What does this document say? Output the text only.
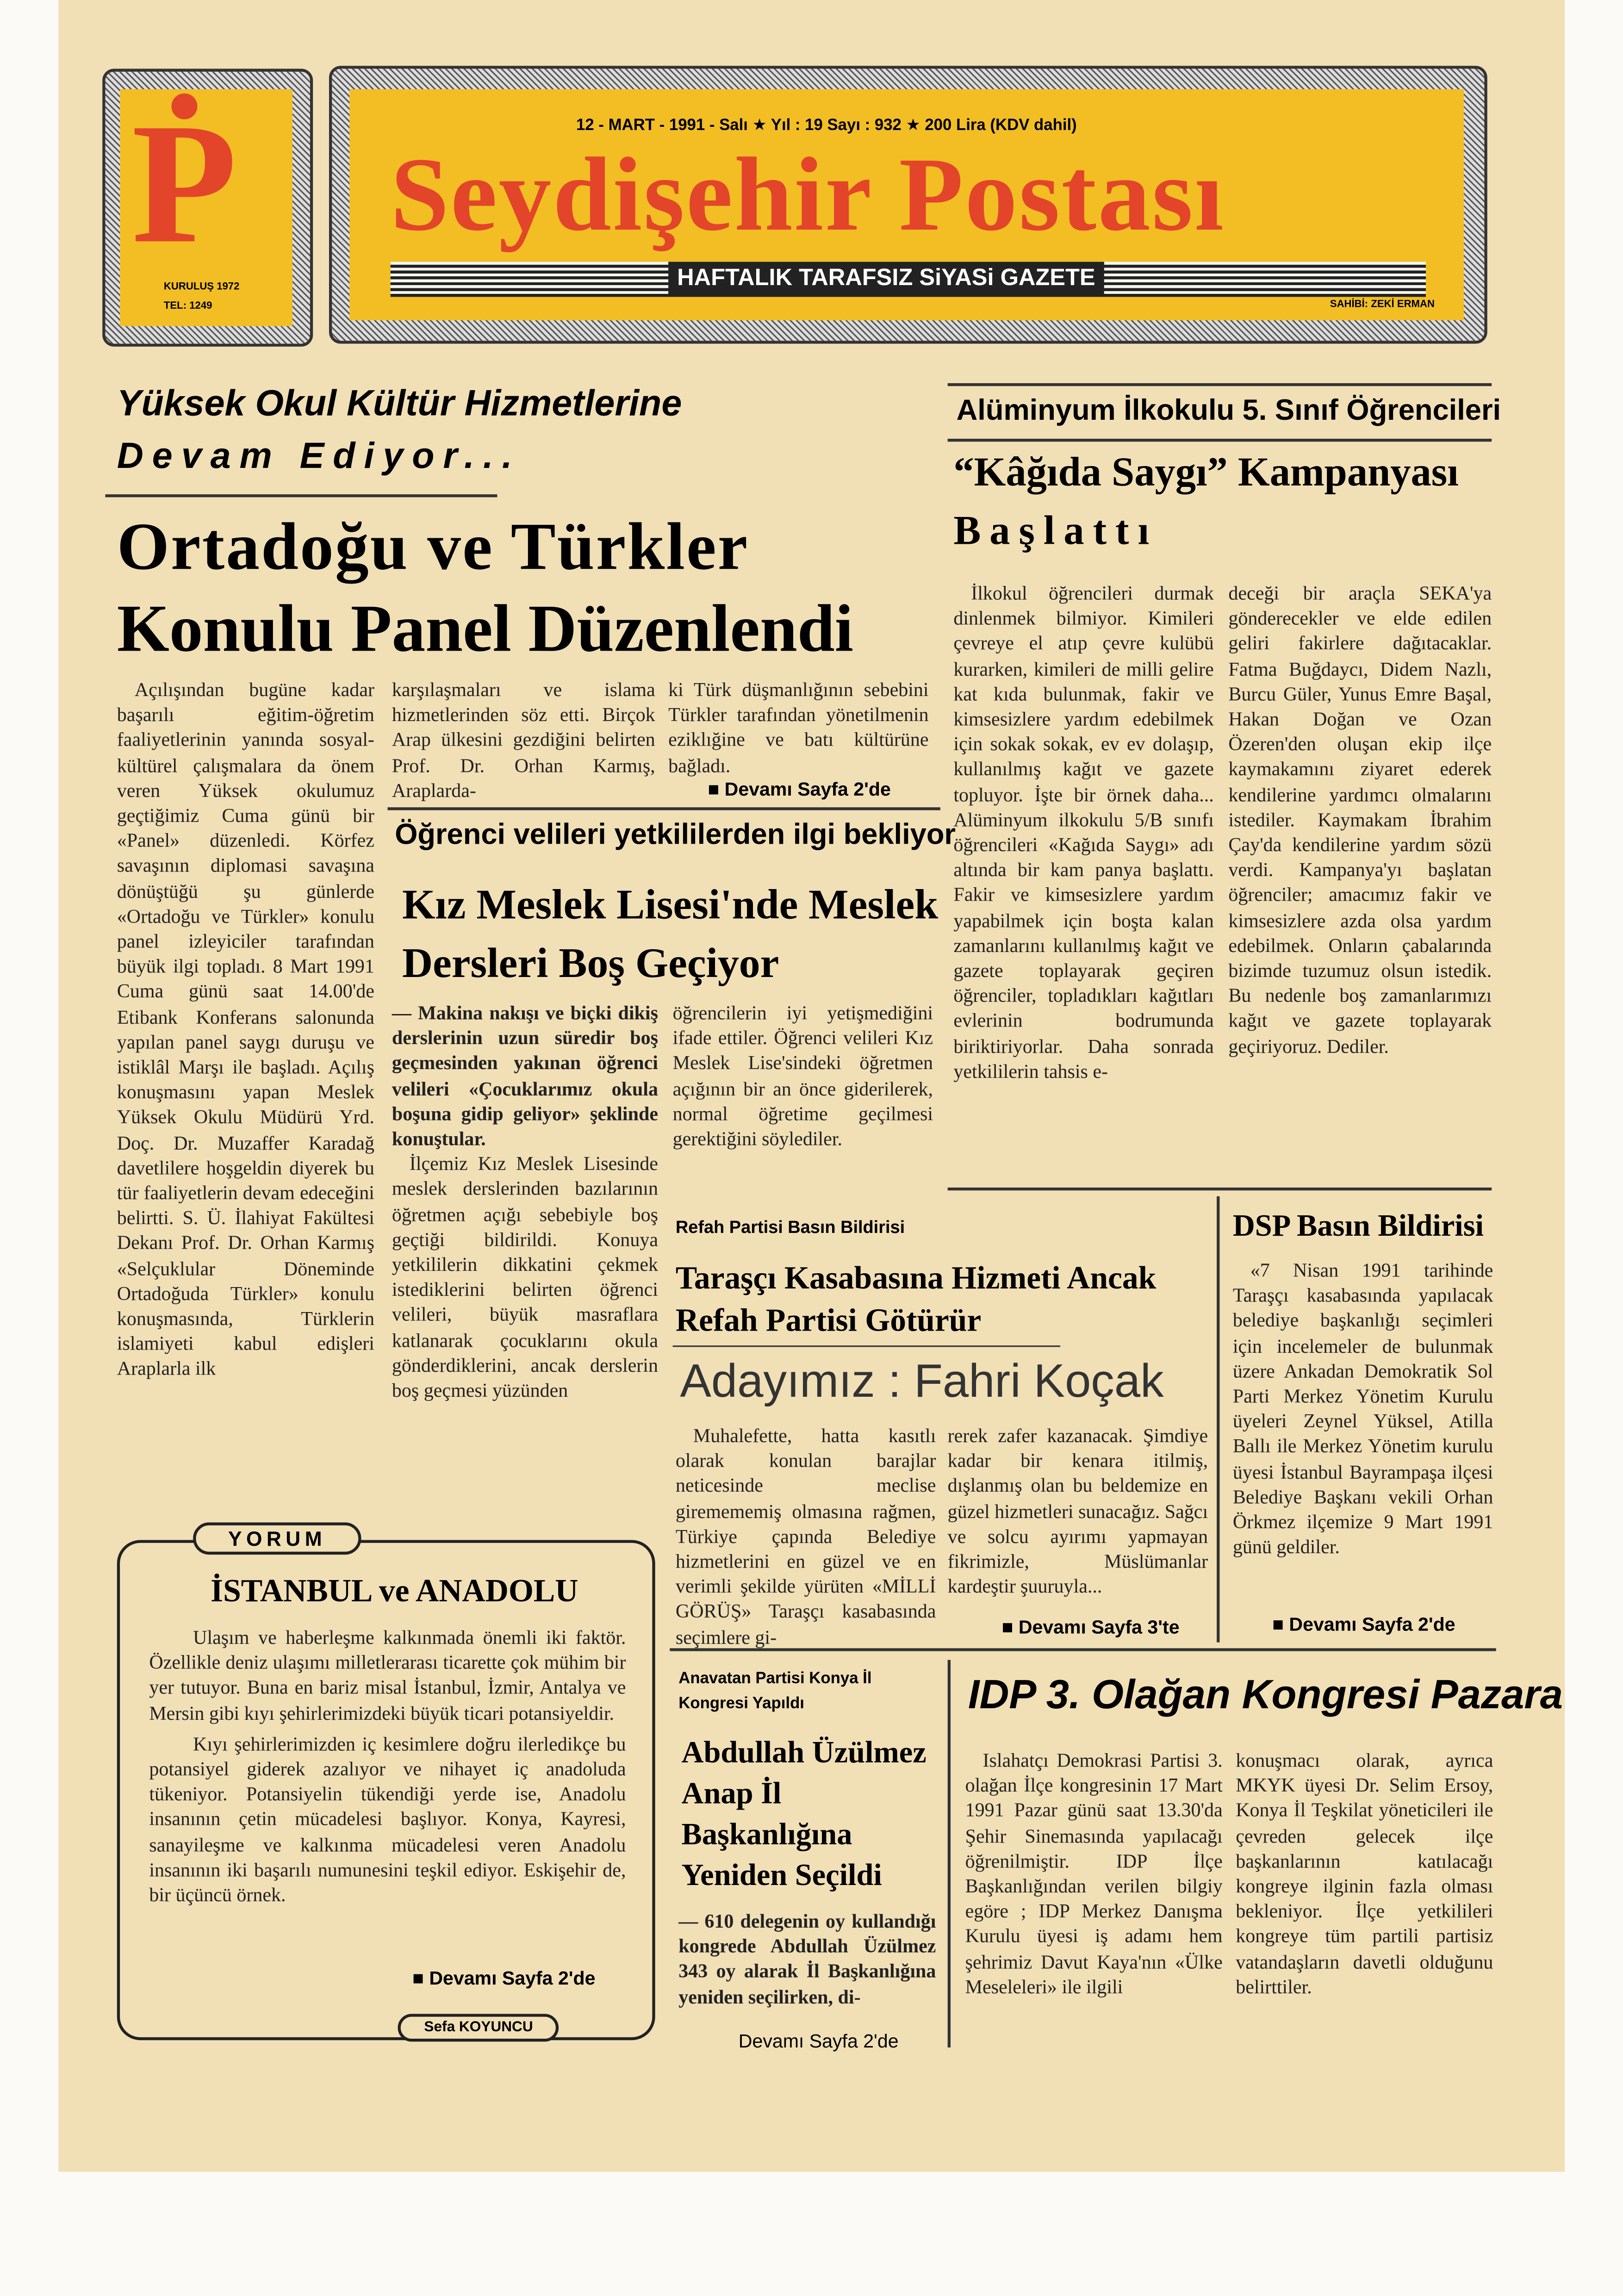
Ṗ
KURULUŞ 1972
TEL: 1249
12 - MART - 1991 - Salı ★ Yıl : 19 Sayı : 932 ★ 200 Lira (KDV dahil)
Seydişehir Postası
HAFTALIK TARAFSIZ SiYASi GAZETE
SAHİBİ: ZEKİ ERMAN
Yüksek Okul Kültür Hizmetlerine
Devam Ediyor...
Ortadoğu ve Türkler
Konulu Panel Düzenlendi
Açılışından bugüne kadar başarılı eğitim-öğretim faaliyetlerinin yanında sosyal-kültürel çalışmalara da önem veren Yüksek okulumuz geçtiğimiz Cuma günü bir «Panel» düzenledi. Körfez savaşının diplomasi savaşına dönüştüğü şu günlerde «Ortadoğu ve Türkler» konulu panel izleyiciler tarafından büyük ilgi topladı. 8 Mart 1991 Cuma günü saat 14.00'de Etibank Konferans salonunda yapılan panel saygı duruşu ve istiklâl Marşı ile başladı. Açılış konuşmasını yapan Meslek Yüksek Okulu Müdürü Yrd. Doç. Dr. Muzaffer Karadağ davetlilere hoşgeldin diyerek bu tür faaliyetlerin devam edeceğini belirtti. S. Ü. İlahiyat Fakültesi Dekanı Prof. Dr. Orhan Karmış «Selçuklular Döneminde Ortadoğuda Türkler» konulu konuşmasında, Türklerin islamiyeti kabul edişleri Araplarla ilk
karşılaşmaları ve islama hizmetlerinden söz etti. Birçok Arap ülkesini gezdiğini belirten Prof. Dr. Orhan Karmış, Araplarda-
ki Türk düşmanlığının sebebini Türkler tarafından yönetilmenin eziklığine ve batı kültürüne bağladı.
■ Devamı Sayfa 2'de
Öğrenci velileri yetkililerden ilgi bekliyor
Kız Meslek Lisesi'nde Meslek
Dersleri Boş Geçiyor
— Makina nakışı ve biçki dikiş derslerinin uzun süredir boş geçmesinden yakınan öğrenci velileri «Çocuklarımız okula boşuna gidip geliyor» şeklinde konuştular.
İlçemiz Kız Meslek Lisesinde meslek derslerinden bazılarının öğretmen açığı sebebiyle boş geçtiği bildirildi. Konuya yetkililerin dikkatini çekmek istediklerini belirten öğrenci velileri, büyük masraflara katlanarak çocuklarını okula gönderdiklerini, ancak derslerin boş geçmesi yüzünden
öğrencilerin iyi yetişmediğini ifade ettiler. Öğrenci velileri Kız Meslek Lise'sindeki öğretmen açığının bir an önce giderilerek, normal öğretime geçilmesi gerektiğini söylediler.
Alüminyum İlkokulu 5. Sınıf Öğrencileri
“Kâğıda Saygı” Kampanyası
Başlattı
İlkokul öğrencileri durmak dinlenmek bilmiyor. Kimileri çevreye el atıp çevre kulübü kurarken, kimileri de milli gelire kat kıda bulunmak, fakir ve kimsesizlere yardım edebilmek için sokak sokak, ev ev dolaşıp, kullanılmış kağıt ve gazete topluyor. İşte bir örnek daha... Alüminyum ilkokulu 5/B sınıfı öğrencileri «Kağıda Saygı» adı altında bir kam panya başlattı. Fakir ve kimsesizlere yardım yapabilmek için boşta kalan zamanlarını kullanılmış kağıt ve gazete toplayarak geçiren öğrenciler, topladıkları kağıtları evlerinin bodrumunda biriktiriyorlar. Daha sonrada yetkililerin tahsis e-
deceği bir araçla SEKA'ya gönderecekler ve elde edilen geliri fakirlere dağıtacaklar. Fatma Buğdaycı, Didem Nazlı, Burcu Güler, Yunus Emre Başal, Hakan Doğan ve Ozan Özeren'den oluşan ekip ilçe kaymakamını ziyaret ederek kendilerine yardımcı olmalarını istediler. Kaymakam İbrahim Çay'da kendilerine yardım sözü verdi. Kampanya'yı başlatan öğrenciler; amacımız fakir ve kimsesizlere azda olsa yardım edebilmek. Onların çabalarında bizimde tuzumuz olsun istedik. Bu nedenle boş zamanlarımızı kağıt ve gazete toplayarak geçiriyoruz. Dediler.
Refah Partisi Basın Bildirisi
Taraşçı Kasabasına Hizmeti Ancak
Refah Partisi Götürür
Adayımız : Fahri Koçak
Muhalefette, hatta kasıtlı olarak konulan barajlar neticesinde meclise giremememiş olmasına rağmen, Türkiye çapında Belediye hizmetlerini en güzel ve en verimli şekilde yürüten «MİLLİ GÖRÜŞ» Taraşçı kasabasında seçimlere gi-
rerek zafer kazanacak. Şimdiye kadar bir kenara itilmiş, dışlanmış olan bu beldemize en güzel hizmetleri sunacağız. Sağcı ve solcu ayırımı yapmayan fikrimizle, Müslümanlar kardeştir şuuruyla...
■ Devamı Sayfa 3'te
DSP Basın Bildirisi
«7 Nisan 1991 tarihinde Taraşçı kasabasında yapılacak belediye başkanlığı seçimleri için incelemeler de bulunmak üzere Ankadan Demokratik Sol Parti Merkez Yönetim Kurulu üyeleri Zeynel Yüksel, Atilla Ballı ile Merkez Yönetim kurulu üyesi İstanbul Bayrampaşa ilçesi Belediye Başkanı vekili Orhan Örkmez ilçemize 9 Mart 1991 günü geldiler.
■ Devamı Sayfa 2'de
YORUM
İSTANBUL ve ANADOLU
Ulaşım ve haberleşme kalkınmada önemli iki faktör. Özellikle deniz ulaşımı milletlerarası ticarette çok mühim bir yer tutuyor. Buna en bariz misal İstanbul, İzmir, Antalya ve Mersin gibi kıyı şehirlerimizdeki büyük ticari potansiyeldir.
Kıyı şehirlerimizden iç kesimlere doğru ilerledikçe bu potansiyel giderek azalıyor ve nihayet iç anadoluda tükeniyor. Potansiyelin tükendiği yerde ise, Anadolu insanının çetin mücadelesi başlıyor. Konya, Kayresi, sanayileşme ve kalkınma mücadelesi veren Anadolu insanının iki başarılı numunesini teşkil ediyor. Eskişehir de, bir üçüncü örnek.
■ Devamı Sayfa 2'de
Sefa KOYUNCU
Anavatan Partisi Konya İl Kongresi Yapıldı
Abdullah Üzülmez Anap İl Başkanlığına Yeniden Seçildi
— 610 delegenin oy kullandığı kongrede Abdullah Üzülmez 343 oy alarak İl Başkanlığına yeniden seçilirken, di-
Devamı Sayfa 2'de
IDP 3. Olağan Kongresi Pazara
Islahatçı Demokrasi Partisi 3. olağan İlçe kongresinin 17 Mart 1991 Pazar günü saat 13.30'da Şehir Sinemasında yapılacağı öğrenilmiştir. IDP İlçe Başkanlığından verilen bilgiy egöre ; IDP Merkez Danışma Kurulu üyesi iş adamı hem şehrimiz Davut Kaya'nın «Ülke Meseleleri» ile ilgili
konuşmacı olarak, ayrıca MKYK üyesi Dr. Selim Ersoy, Konya İl Teşkilat yöneticileri ile çevreden gelecek ilçe başkanlarının katılacağı kongreye ilginin fazla olması bekleniyor. İlçe yetkilileri kongreye tüm partili partisiz vatandaşların davetli olduğunu belirttiler.
